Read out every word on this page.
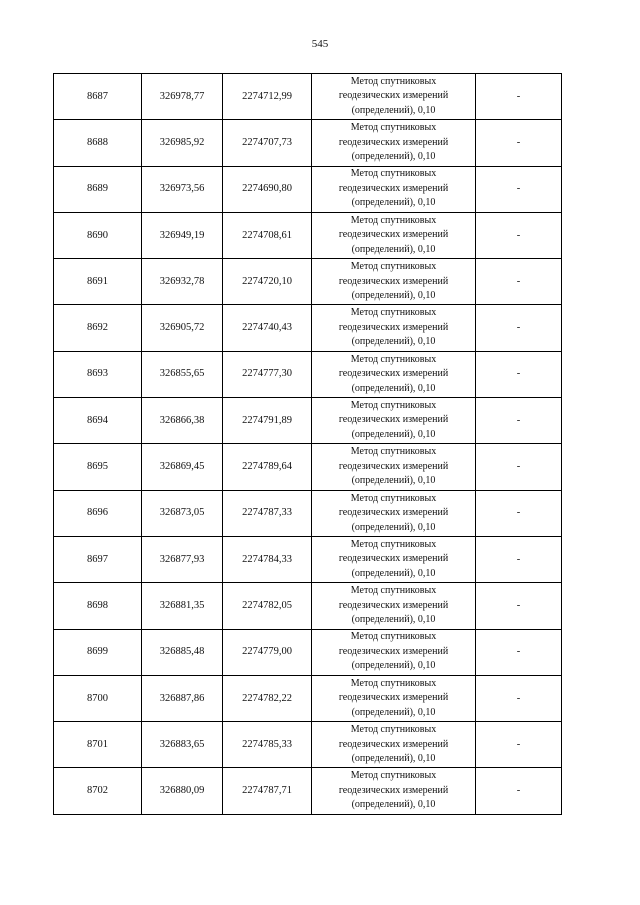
545
8687	326978,77	2274712,99	Метод спутниковых
геодезических измерений
(определений), 0,10	-
8688	326985,92	2274707,73	Метод спутниковых
геодезических измерений
(определений), 0,10	-
8689	326973,56	2274690,80	Метод спутниковых
геодезических измерений
(определений), 0,10	-
8690	326949,19	2274708,61	Метод спутниковых
геодезических измерений
(определений), 0,10	-
8691	326932,78	2274720,10	Метод спутниковых
геодезических измерений
(определений), 0,10	-
8692	326905,72	2274740,43	Метод спутниковых
геодезических измерений
(определений), 0,10	-
8693	326855,65	2274777,30	Метод спутниковых
геодезических измерений
(определений), 0,10	-
8694	326866,38	2274791,89	Метод спутниковых
геодезических измерений
(определений), 0,10	-
8695	326869,45	2274789,64	Метод спутниковых
геодезических измерений
(определений), 0,10	-
8696	326873,05	2274787,33	Метод спутниковых
геодезических измерений
(определений), 0,10	-
8697	326877,93	2274784,33	Метод спутниковых
геодезических измерений
(определений), 0,10	-
8698	326881,35	2274782,05	Метод спутниковых
геодезических измерений
(определений), 0,10	-
8699	326885,48	2274779,00	Метод спутниковых
геодезических измерений
(определений), 0,10	-
8700	326887,86	2274782,22	Метод спутниковых
геодезических измерений
(определений), 0,10	-
8701	326883,65	2274785,33	Метод спутниковых
геодезических измерений
(определений), 0,10	-
8702	326880,09	2274787,71	Метод спутниковых
геодезических измерений
(определений), 0,10	-
